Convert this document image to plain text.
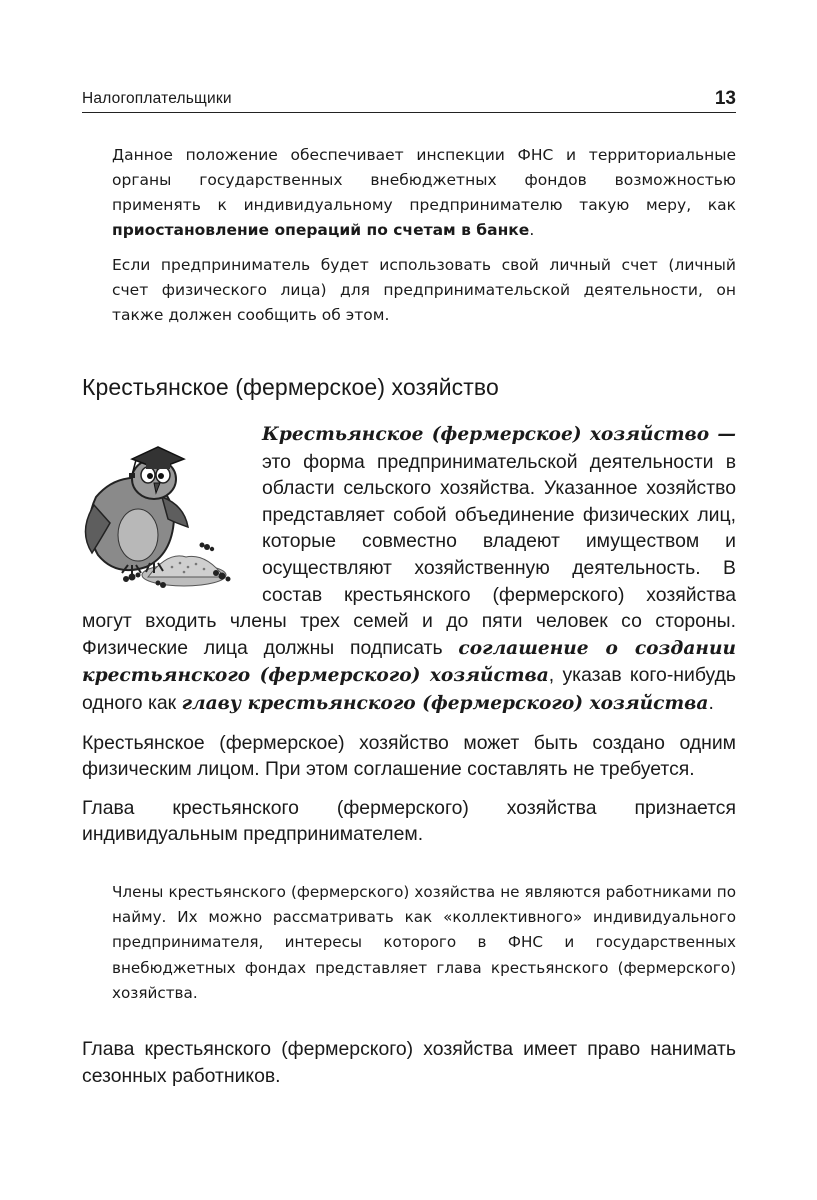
Налогоплательщики	13

Данное положение обеспечивает инспекции ФНС и территориальные органы государственных внебюджетных фондов возможностью применять к индивидуальному предпринимателю такую меру, как приостановление операций по счетам в банке.

Если предприниматель будет использовать свой личный счет (личный счет физического лица) для предпринимательской деятельности, он также должен сообщить об этом.

Крестьянское (фермерское) хозяйство

Крестьянское (фермерское) хозяйство — это форма предпринимательской деятельности в области сельского хозяйства. Указанное хозяйство представляет собой объединение физических лиц, которые совместно владеют имуществом и осуществляют хозяйственную деятельность. В состав крестьянского (фермерского) хозяйства могут входить члены трех семей и до пяти человек со стороны. Физические лица должны подписать соглашение о создании крестьянского (фермерского) хозяйства, указав кого-нибудь одного как главу крестьянского (фермерского) хозяйства.

Крестьянское (фермерское) хозяйство может быть создано одним физическим лицом. При этом соглашение составлять не требуется.
Глава крестьянского (фермерского) хозяйства признается индивидуальным предпринимателем.
Члены крестьянского (фермерского) хозяйства не являются работниками по найму. Их можно рассматривать как «коллективного» индивидуального предпринимателя, интересы которого в ФНС и государственных внебюджетных фондах представляет глава крестьянского (фермерского) хозяйства.
Глава крестьянского (фермерского) хозяйства имеет право нанимать сезонных работников.
